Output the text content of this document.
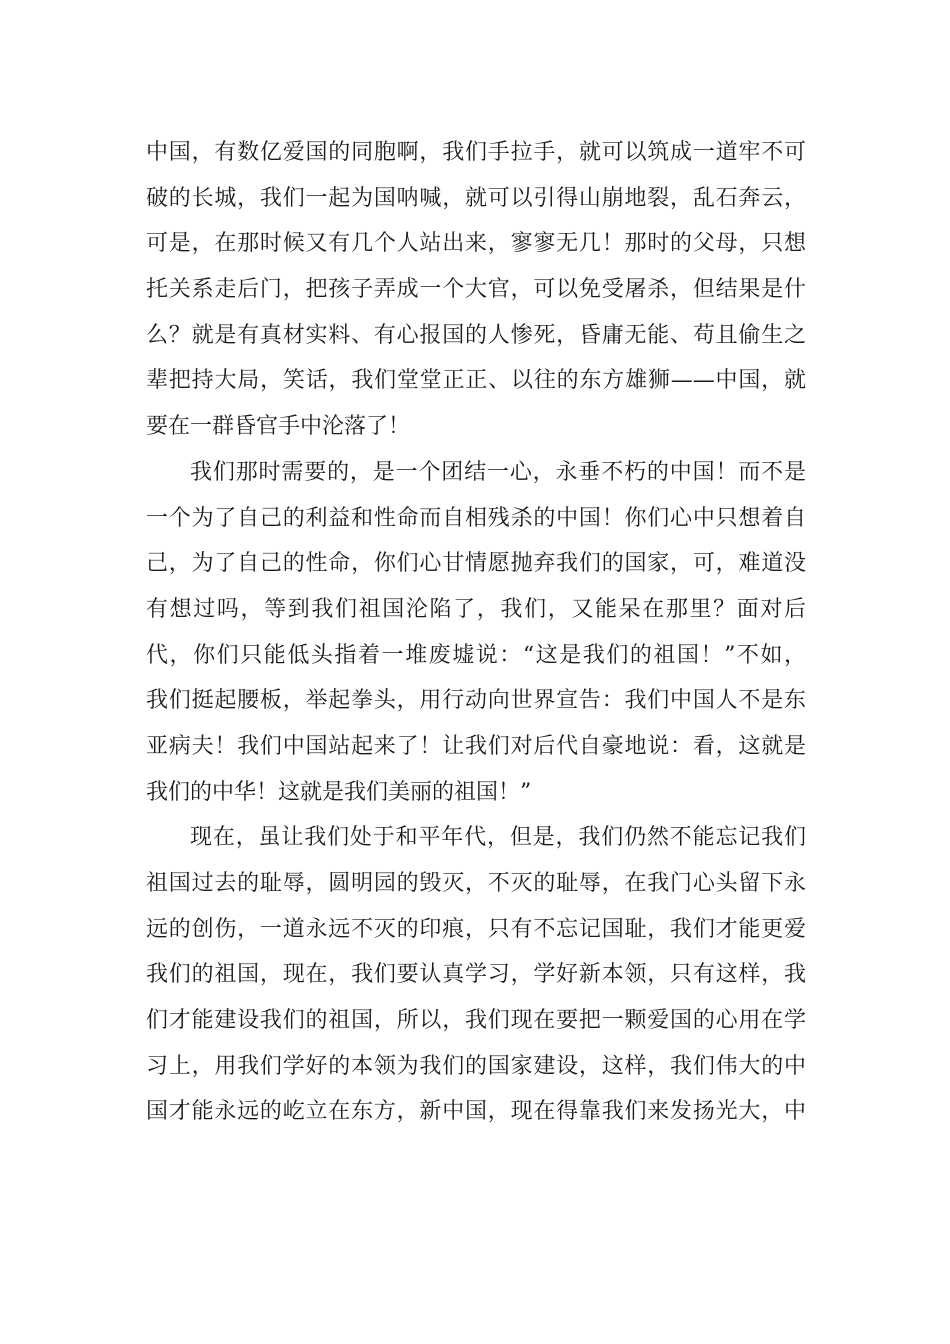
中国，有数亿爱国的同胞啊，我们手拉手，就可以筑成一道牢不可
破的长城，我们一起为国呐喊，就可以引得山崩地裂，乱石奔云，
可是，在那时候又有几个人站出来，寥寥无几！那时的父母，只想
托关系走后门，把孩子弄成一个大官，可以免受屠杀，但结果是什
么？就是有真材实料、有心报国的人惨死，昏庸无能、苟且偷生之
辈把持大局，笑话，我们堂堂正正、以往的东方雄狮——中国，就
要在一群昏官手中沦落了！
我们那时需要的，是一个团结一心，永垂不朽的中国！而不是
一个为了自己的利益和性命而自相残杀的中国！你们心中只想着自
己，为了自己的性命，你们心甘情愿抛弃我们的国家，可，难道没
有想过吗，等到我们祖国沦陷了，我们，又能呆在那里？面对后
代，你们只能低头指着一堆废墟说：“这是我们的祖国！”不如，
我们挺起腰板，举起拳头，用行动向世界宣告：我们中国人不是东
亚病夫！我们中国站起来了！让我们对后代自豪地说：看，这就是
我们的中华！这就是我们美丽的祖国！”
现在，虽让我们处于和平年代，但是，我们仍然不能忘记我们
祖国过去的耻辱，圆明园的毁灭，不灭的耻辱，在我门心头留下永
远的创伤，一道永远不灭的印痕，只有不忘记国耻，我们才能更爱
我们的祖国，现在，我们要认真学习，学好新本领，只有这样，我
们才能建设我们的祖国，所以，我们现在要把一颗爱国的心用在学
习上，用我们学好的本领为我们的国家建设，这样，我们伟大的中
国才能永远的屹立在东方，新中国，现在得靠我们来发扬光大，中
